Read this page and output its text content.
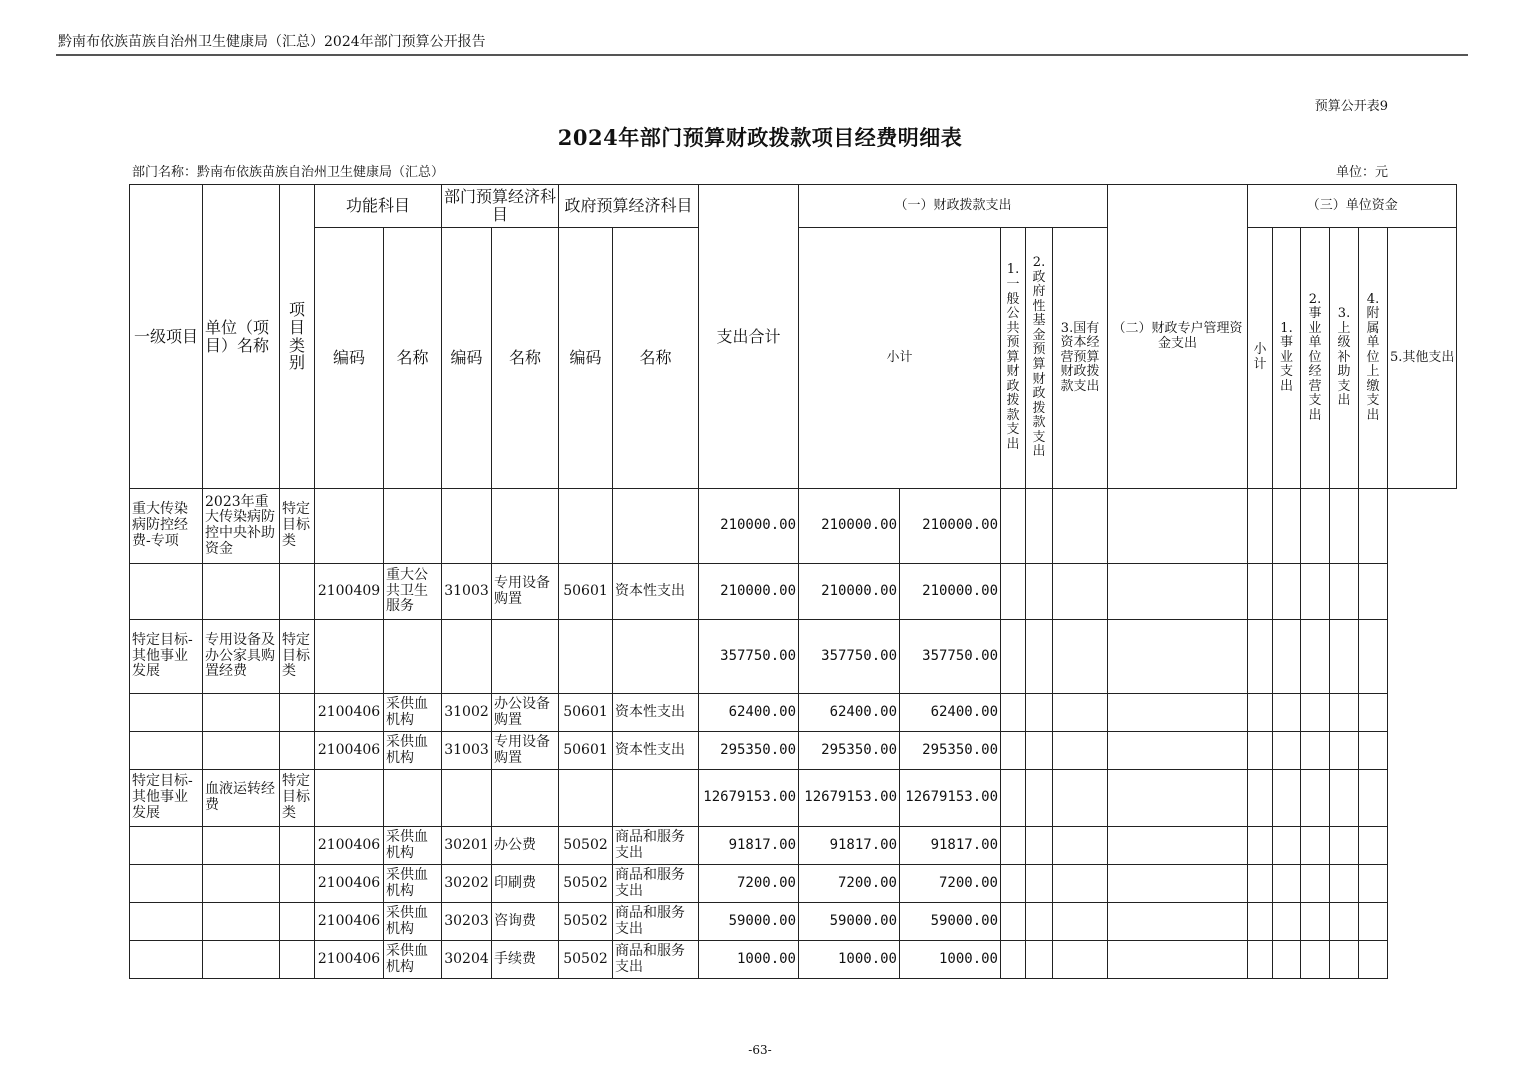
黔南布依族苗族自治州卫生健康局（汇总）2024年部门预算公开报告
预算公开表9
2024年部门预算财政拨款项目经费明细表
部门名称：黔南布依族苗族自治州卫生健康局（汇总）	单位：元
一级项目	单位（项目）名称	项目类别	功能科目		部门预算经济科目		政府预算经济科目		支出合计	（一）财政拨款支出					（二）财政专户管理资金支出	（三）单位资金					
			编码	名称	编码	名称	编码	名称		小计		1.一般公共预算财政拨款支出	2.政府性基金预算财政拨款支出	3.国有资本经营预算财政拨款支出		小计	1.事业支出	2.事业单位经营支出	3.上级补助支出	4.附属单位上缴支出	5.其他支出
重大传染病防控经费-专项	2023年重大传染病防控中央补助资金	特定目标类							210000.00	210000.00	210000.00										
			2100409	重大公共卫生服务	31003	专用设备购置	50601	资本性支出	210000.00	210000.00	210000.00										
特定目标-其他事业发展	专用设备及办公家具购置经费	特定目标类							357750.00	357750.00	357750.00										
			2100406	采供血机构	31002	办公设备购置	50601	资本性支出	62400.00	62400.00	62400.00										
			2100406	采供血机构	31003	专用设备购置	50601	资本性支出	295350.00	295350.00	295350.00										
特定目标-其他事业发展	血液运转经费	特定目标类							12679153.00	12679153.00	12679153.00										
			2100406	采供血机构	30201	办公费	50502	商品和服务支出	91817.00	91817.00	91817.00										
			2100406	采供血机构	30202	印刷费	50502	商品和服务支出	7200.00	7200.00	7200.00										
			2100406	采供血机构	30203	咨询费	50502	商品和服务支出	59000.00	59000.00	59000.00										
			2100406	采供血机构	30204	手续费	50502	商品和服务支出	1000.00	1000.00	1000.00										
-63-
